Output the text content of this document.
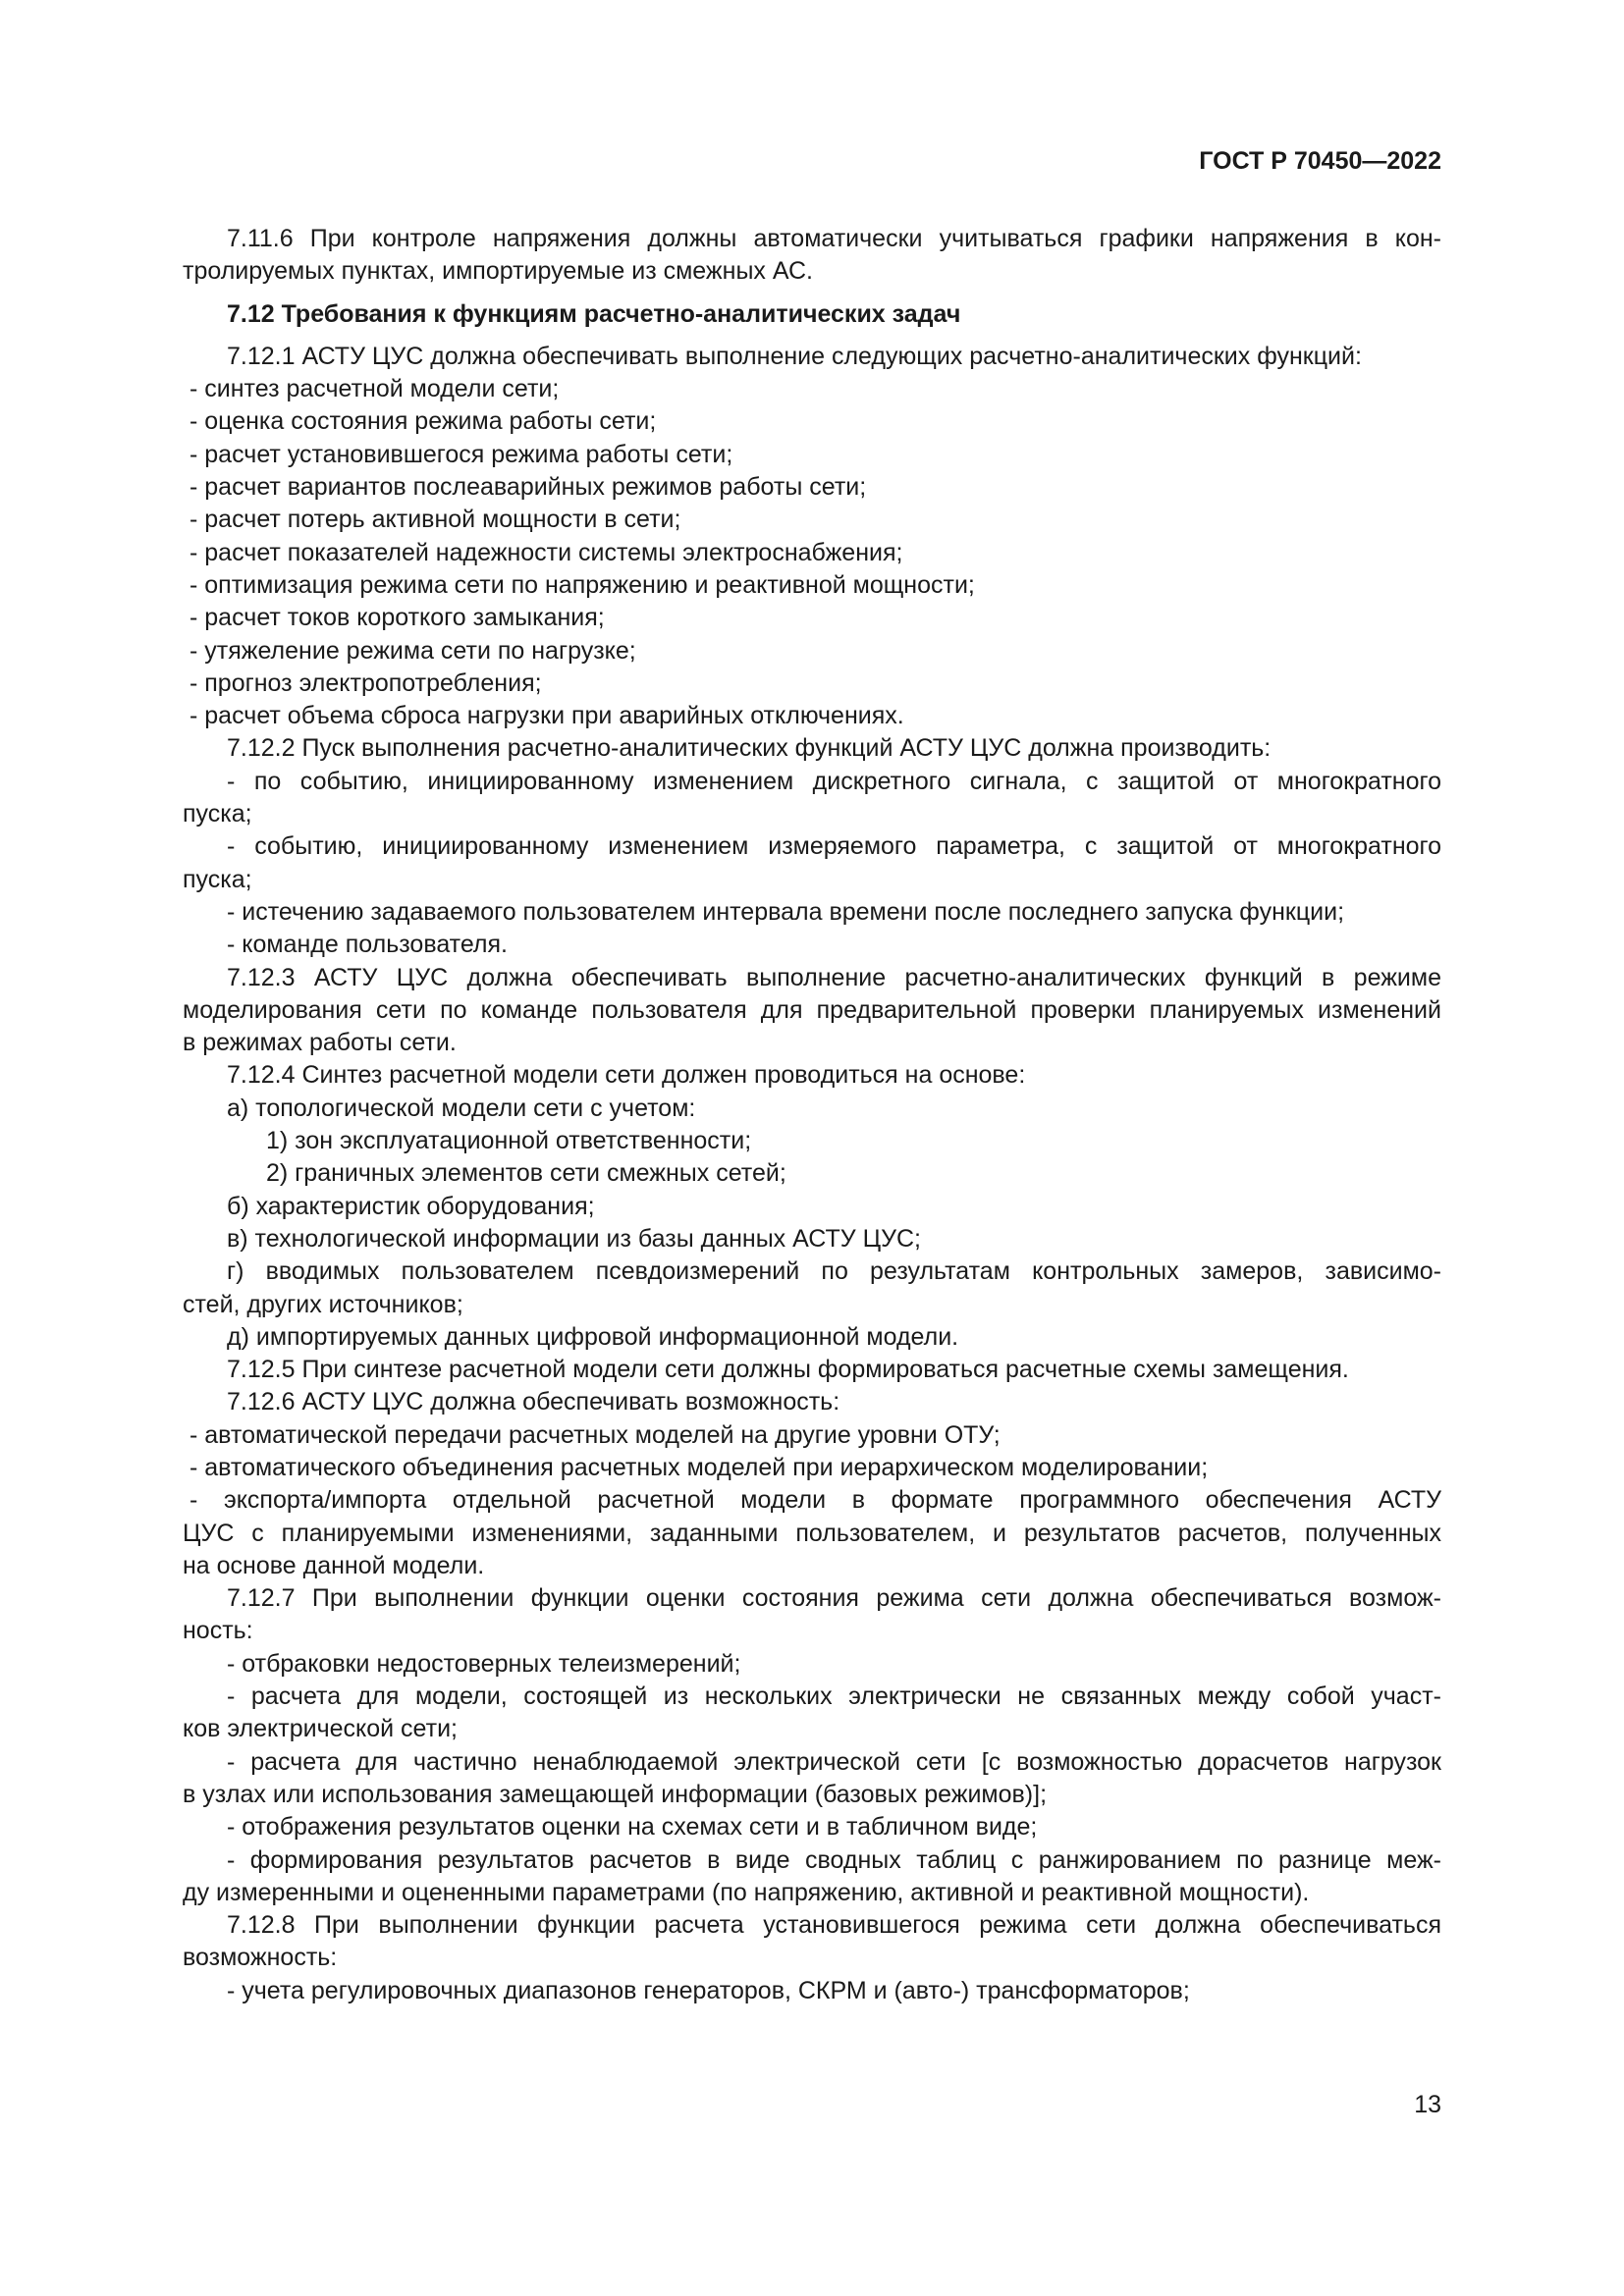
ГОСТ Р 70450—2022
7.11.6 При контроле напряжения должны автоматически учитываться графики напряжения в кон-
тролируемых пунктах, импортируемые из смежных АС.
7.12 Требования к функциям расчетно-аналитических задач
7.12.1 АСТУ ЦУС должна обеспечивать выполнение следующих расчетно-аналитических функций:
- синтез расчетной модели сети;
- оценка состояния режима работы сети;
- расчет установившегося режима работы сети;
- расчет вариантов послеаварийных режимов работы сети;
- расчет потерь активной мощности в сети;
- расчет показателей надежности системы электроснабжения;
- оптимизация режима сети по напряжению и реактивной мощности;
- расчет токов короткого замыкания;
- утяжеление режима сети по нагрузке;
- прогноз электропотребления;
- расчет объема сброса нагрузки при аварийных отключениях.
7.12.2 Пуск выполнения расчетно-аналитических функций АСТУ ЦУС должна производить:
- по событию, инициированному изменением дискретного сигнала, с защитой от многократного
пуска;
- событию, инициированному изменением измеряемого параметра, с защитой от многократного
пуска;
- истечению задаваемого пользователем интервала времени после последнего запуска функции;
- команде пользователя.
7.12.3 АСТУ ЦУС должна обеспечивать выполнение расчетно-аналитических функций в режиме
моделирования сети по команде пользователя для предварительной проверки планируемых изменений
в режимах работы сети.
7.12.4 Синтез расчетной модели сети должен проводиться на основе:
а) топологической модели сети с учетом:
1) зон эксплуатационной ответственности;
2) граничных элементов сети смежных сетей;
б) характеристик оборудования;
в) технологической информации из базы данных АСТУ ЦУС;
г) вводимых пользователем псевдоизмерений по результатам контрольных замеров, зависимо-
стей, других источников;
д) импортируемых данных цифровой информационной модели.
7.12.5 При синтезе расчетной модели сети должны формироваться расчетные схемы замещения.
7.12.6 АСТУ ЦУС должна обеспечивать возможность:
- автоматической передачи расчетных моделей на другие уровни ОТУ;
- автоматического объединения расчетных моделей при иерархическом моделировании;
- экспорта/импорта отдельной расчетной модели в формате программного обеспечения АСТУ
ЦУС с планируемыми изменениями, заданными пользователем, и результатов расчетов, полученных
на основе данной модели.
7.12.7 При выполнении функции оценки состояния режима сети должна обеспечиваться возмож-
ность:
- отбраковки недостоверных телеизмерений;
- расчета для модели, состоящей из нескольких электрически не связанных между собой участ-
ков электрической сети;
- расчета для частично ненаблюдаемой электрической сети [с возможностью дорасчетов нагрузок
в узлах или использования замещающей информации (базовых режимов)];
- отображения результатов оценки на схемах сети и в табличном виде;
- формирования результатов расчетов в виде сводных таблиц с ранжированием по разнице меж-
ду измеренными и оцененными параметрами (по напряжению, активной и реактивной мощности).
7.12.8 При выполнении функции расчета установившегося режима сети должна обеспечиваться
возможность:
- учета регулировочных диапазонов генераторов, СКРМ и (авто-) трансформаторов;
13
